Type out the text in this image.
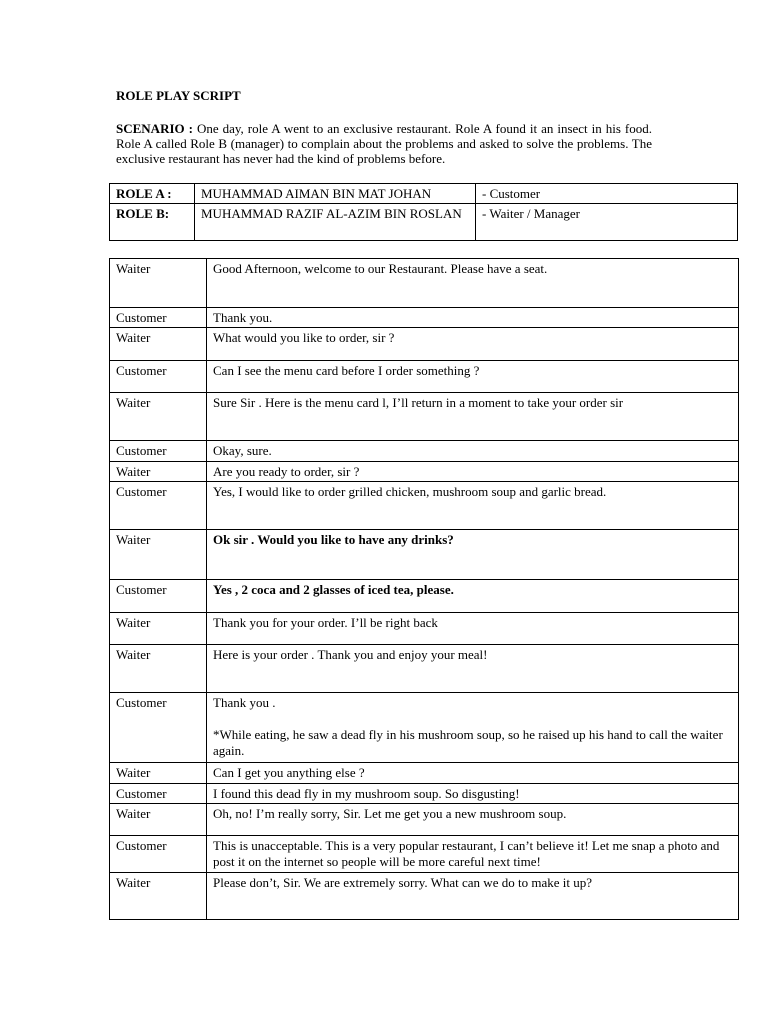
ROLE PLAY SCRIPT
SCENARIO : One day, role A went to an exclusive restaurant. Role A found it an insect in his food. Role A called Role B (manager) to complain about the problems and asked to solve the problems. The exclusive restaurant has never had the kind of problems before.
ROLE A :	MUHAMMAD AIMAN BIN MAT JOHAN	- Customer
ROLE B:	MUHAMMAD RAZIF AL-AZIM BIN ROSLAN	- Waiter / Manager
Waiter	Good Afternoon, welcome to our Restaurant. Please have a seat.

Customer	Thank you.

Waiter	What would you like to order, sir ?

Customer	Can I see the menu card before I order something ?

Waiter	Sure Sir . Here is the menu card l, I’ll return in a moment to take your order sir

Customer	Okay, sure.

Waiter	Are you ready to order, sir ?

Customer	Yes, I would like to order grilled chicken, mushroom soup and garlic bread.

Waiter	Ok sir . Would you like to have any drinks?

Customer	Yes , 2 coca and 2 glasses of iced tea, please.

Waiter	Thank you for your order. I’ll be right back

Waiter	Here is your order . Thank you and enjoy your meal!

Customer	Thank you .

*While eating, he saw a dead fly in his mushroom soup, so he raised up his hand to call the waiter again.

Waiter	Can I get you anything else ?

Customer	I found this dead fly in my mushroom soup. So disgusting!

Waiter	Oh, no! I’m really sorry, Sir. Let me get you a new mushroom soup.

Customer	This is unacceptable. This is a very popular restaurant, I can’t believe it! Let me snap a photo and post it on the internet so people will be more careful next time!

Waiter	Please don’t, Sir. We are extremely sorry. What can we do to make it up?
